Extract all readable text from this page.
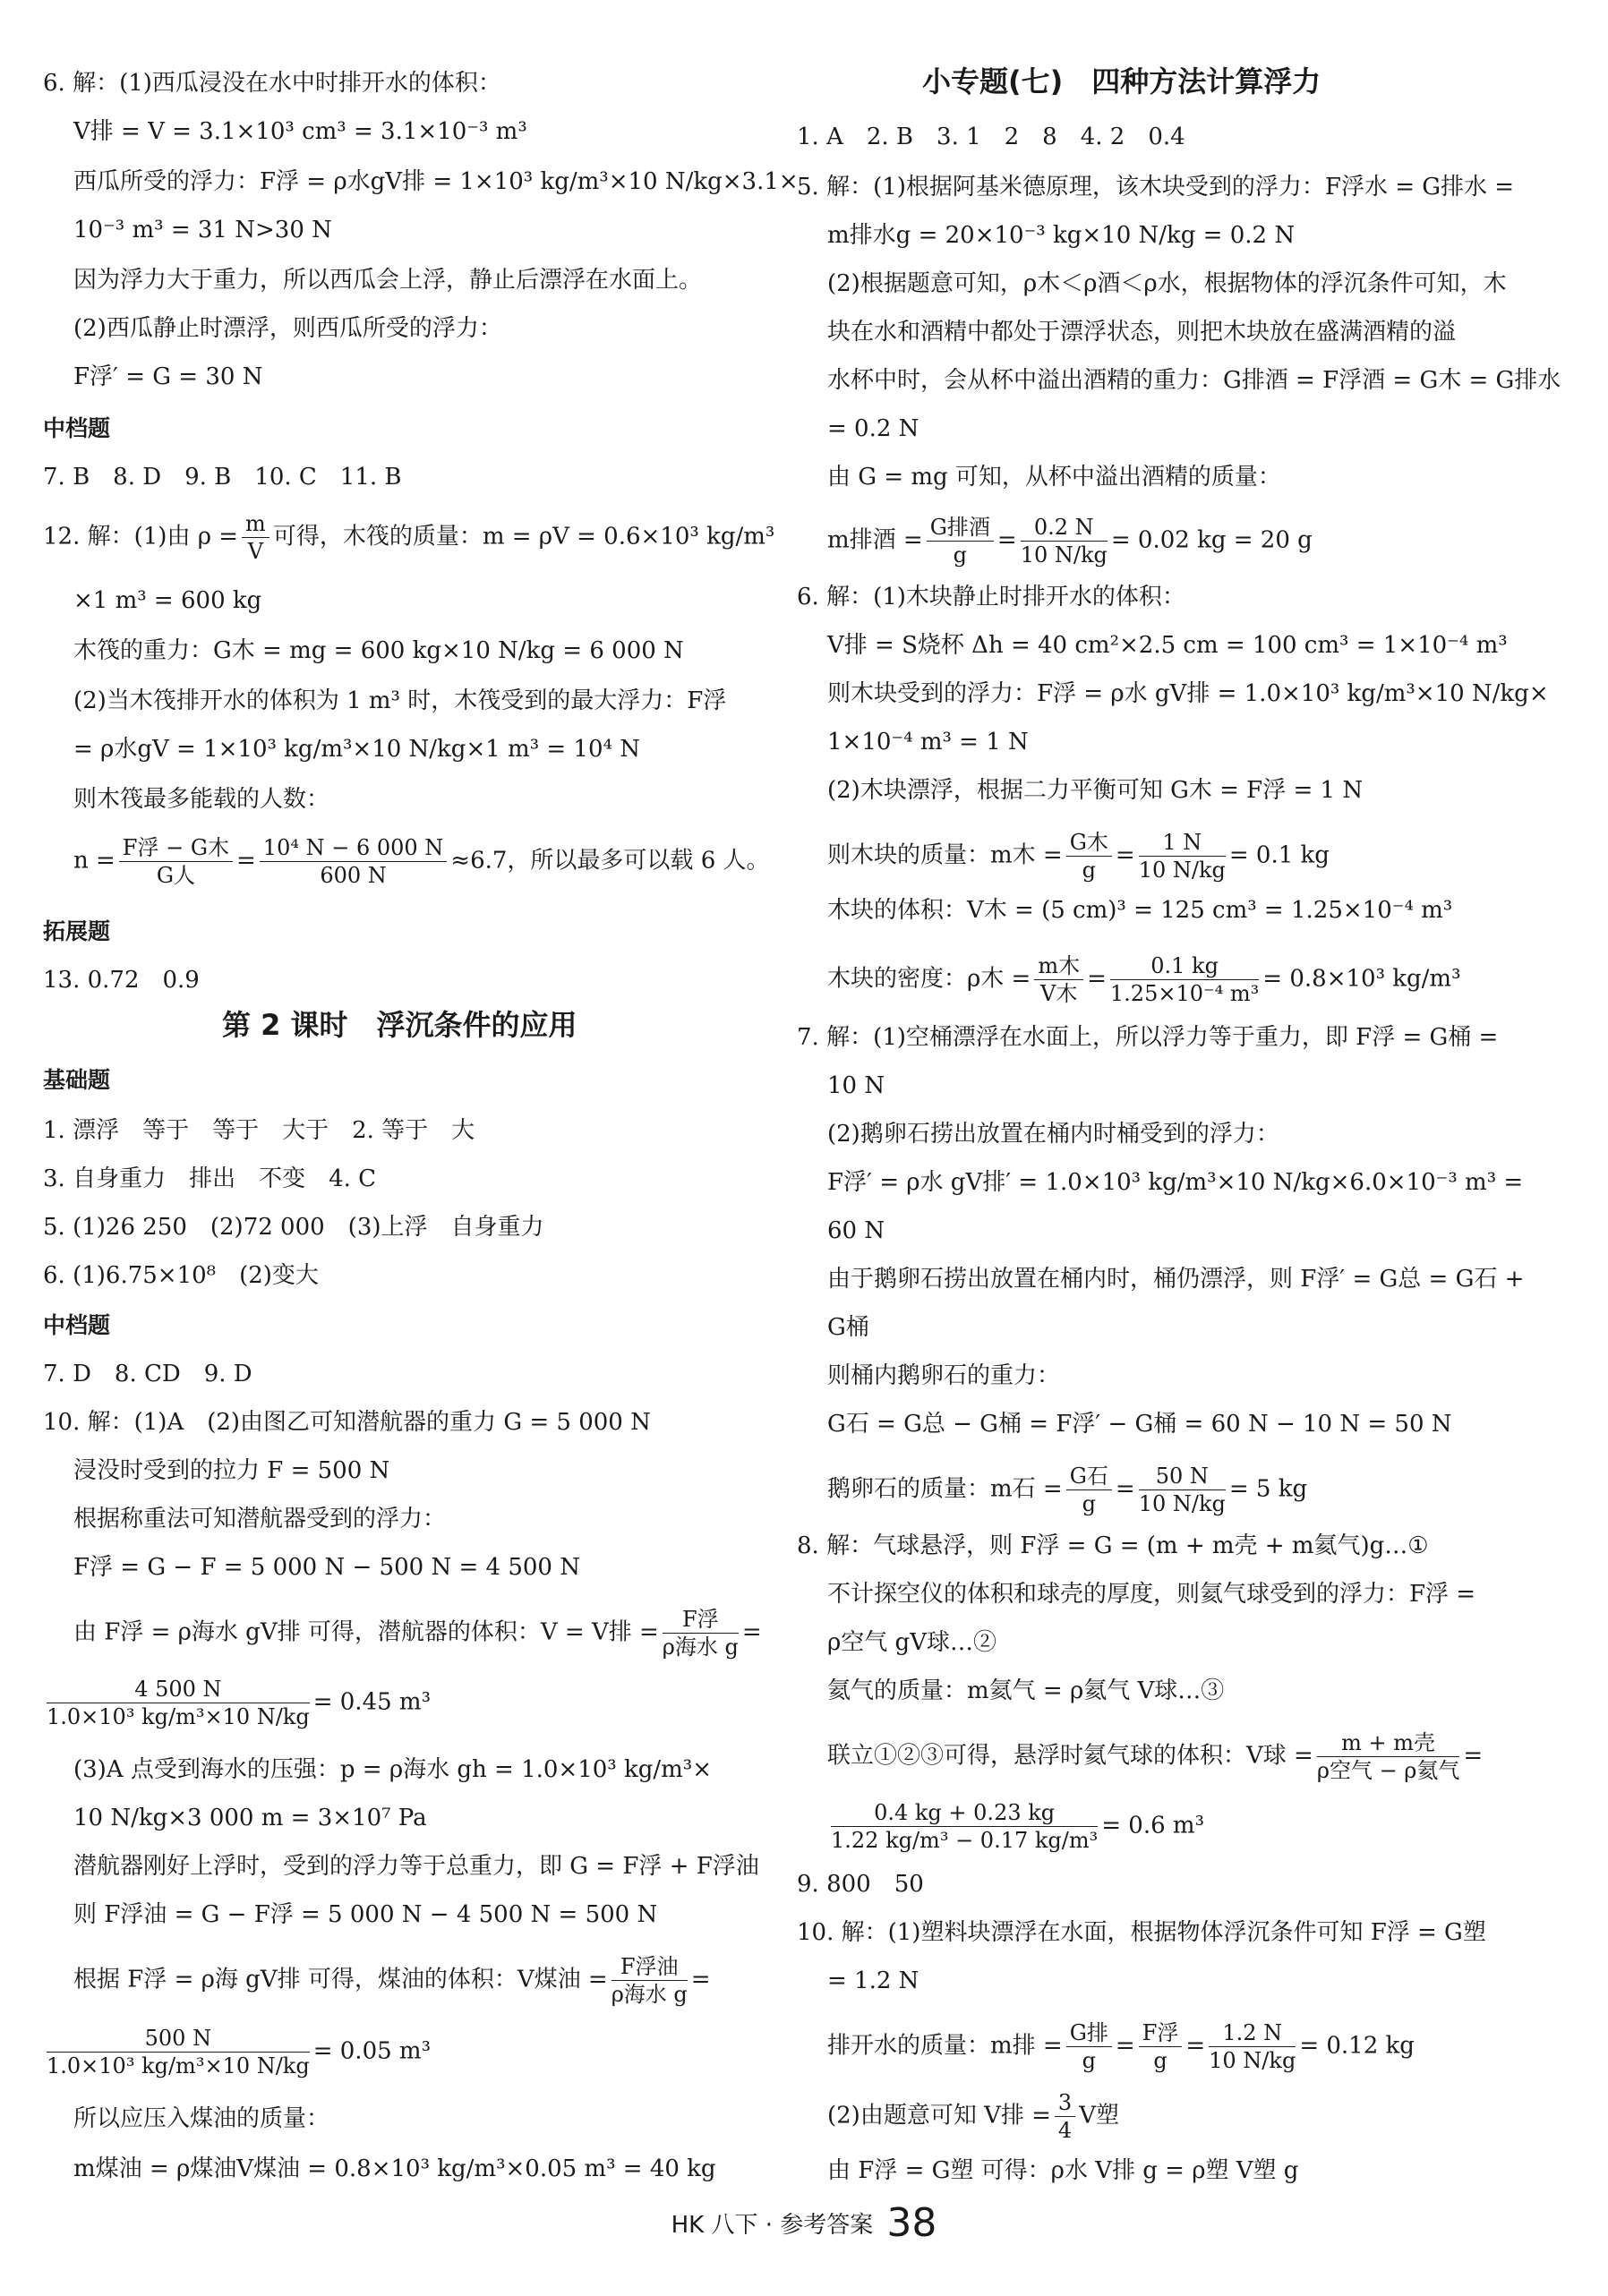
6. 解：(1)西瓜浸没在水中时排开水的体积：
V排 = V = 3.1×10³ cm³ = 3.1×10⁻³ m³
西瓜所受的浮力：F浮 = ρ水gV排 = 1×10³ kg/m³×10 N/kg×3.1×
10⁻³ m³ = 31 N>30 N
因为浮力大于重力，所以西瓜会上浮，静止后漂浮在水面上。
(2)西瓜静止时漂浮，则西瓜所受的浮力：
F浮′ = G = 30 N
中档题
7. B　8. D　9. B　10. C　11. B
12. 解：(1)由 $\rho = \frac{m}{V}$ 可得，木筏的质量：m = ρV = 0.6×10³ kg/m³
×1 m³ = 600 kg
木筏的重力：G木 = mg = 600 kg×10 N/kg = 6 000 N
(2)当木筏排开水的体积为 1 m³ 时，木筏受到的最大浮力：F浮
= ρ水gV = 1×10³ kg/m³×10 N/kg×1 m³ = 10⁴ N
则木筏最多能载的人数：
$n = \frac{\text{F浮 − G木}}{\text{G人}} = \frac{\text{10⁴ N − 6 000 N}}{600 N} \approx 6.7$，所以最多可以载 6 人。
拓展题
13. 0.72　0.9
第 2 课时　浮沉条件的应用
基础题
1. 漂浮　等于　等于　大于　2. 等于　大
3. 自身重力　排出　不变　4. C
5. (1)26 250　(2)72 000　(3)上浮　自身重力
6. (1)6.75×10⁸　(2)变大
中档题
7. D　8. CD　9. D
10. 解：(1)A　(2)由图乙可知潜航器的重力 G = 5 000 N
浸没时受到的拉力 F = 500 N
根据称重法可知潜航器受到的浮力：
F浮 = G − F = 5 000 N − 500 N = 4 500 N
由 F浮 = ρ海水 gV排 可得，潜航器的体积：V = V排 = $\frac{\text{F浮}}{\text{ρ海水 g}}$ =
$\frac{4 500 N}{\text{1.0×10³ kg/m³×10 N/kg}} = 0.45$ m³
(3)A 点受到海水的压强：p = ρ海水 gh = 1.0×10³ kg/m³×
10 N/kg×3 000 m = 3×10⁷ Pa
潜航器刚好上浮时，受到的浮力等于总重力，即 G = F浮 + F浮油
则 F浮油 = G − F浮 = 5 000 N − 4 500 N = 500 N
根据 F浮 = ρ海 gV排 可得，煤油的体积：V煤油 = $\frac{\text{F浮油}}{\text{ρ海水 g}}$ =
$\frac{500 N}{\text{1.0×10³ kg/m³×10 N/kg}} = 0.05$ m³
所以应压入煤油的质量：
m煤油 = ρ煤油V煤油 = 0.8×10³ kg/m³×0.05 m³ = 40 kg
小专题(七)　四种方法计算浮力
1. A　2. B　3. 1　2　8　4. 2　0.4
5. 解：(1)根据阿基米德原理，该木块受到的浮力：F浮水 = G排水 =
m排水g = 20×10⁻³ kg×10 N/kg = 0.2 N
(2)根据题意可知，ρ木＜ρ酒＜ρ水，根据物体的浮沉条件可知，木
块在水和酒精中都处于漂浮状态，则把木块放在盛满酒精的溢
水杯中时，会从杯中溢出酒精的重力：G排酒 = F浮酒 = G木 = G排水
= 0.2 N
由 G = mg 可知，从杯中溢出酒精的质量：
m排酒 = $\frac{\text{G排酒}}{g} = \frac{0.2 N}{10 N/kg} = 0.02$ kg = 20 g
6. 解：(1)木块静止时排开水的体积：
V排 = S烧杯 Δh = 40 cm²×2.5 cm = 100 cm³ = 1×10⁻⁴ m³
则木块受到的浮力：F浮 = ρ水 gV排 = 1.0×10³ kg/m³×10 N/kg×
1×10⁻⁴ m³ = 1 N
(2)木块漂浮，根据二力平衡可知 G木 = F浮 = 1 N
则木块的质量：m木 = $\frac{\text{G木}}{g} = \frac{1 N}{10 N/kg} = 0.1$ kg
木块的体积：V木 = (5 cm)³ = 125 cm³ = 1.25×10⁻⁴ m³
木块的密度：ρ木 = $\frac{\text{m木}}{\text{V木}} = \frac{0.1 kg}{\text{1.25×10⁻⁴ m³}} = 0.8\times 10^3$ kg/m³
7. 解：(1)空桶漂浮在水面上，所以浮力等于重力，即 F浮 = G桶 =
10 N
(2)鹅卵石捞出放置在桶内时桶受到的浮力：
F浮′ = ρ水 gV排′ = 1.0×10³ kg/m³×10 N/kg×6.0×10⁻³ m³ =
60 N
由于鹅卵石捞出放置在桶内时，桶仍漂浮，则 F浮′ = G总 = G石 +
G桶
则桶内鹅卵石的重力：
G石 = G总 − G桶 = F浮′ − G桶 = 60 N − 10 N = 50 N
鹅卵石的质量：m石 = $\frac{\text{G石}}{g} = \frac{50 N}{10 N/kg} = 5$ kg
8. 解：气球悬浮，则 F浮 = G = (m + m壳 + m氦气)g…①
不计探空仪的体积和球壳的厚度，则氦气球受到的浮力：F浮 =
ρ空气 gV球…②
氦气的质量：m氦气 = ρ氦气 V球…③
联立①②③可得，悬浮时氦气球的体积：V球 = $\frac{\text{m + m壳}}{\text{ρ空气 − ρ氦气}}$ =
$\frac{0.4 kg + 0.23 kg}{\text{1.22 kg/m³ − 0.17 kg/m³}} = 0.6$ m³
9. 800　50
10. 解：(1)塑料块漂浮在水面，根据物体浮沉条件可知 F浮 = G塑
= 1.2 N
排开水的质量：m排 = $\frac{\text{G排}}{g} = \frac{\text{F浮}}{g} = \frac{1.2 N}{10 N/kg} = 0.12$ kg
(2)由题意可知 V排 = $\frac{3}{4}$ V塑
由 F浮 = G塑 可得：ρ水 V排 g = ρ塑 V塑 g
HK 八下 · 参考答案 38
